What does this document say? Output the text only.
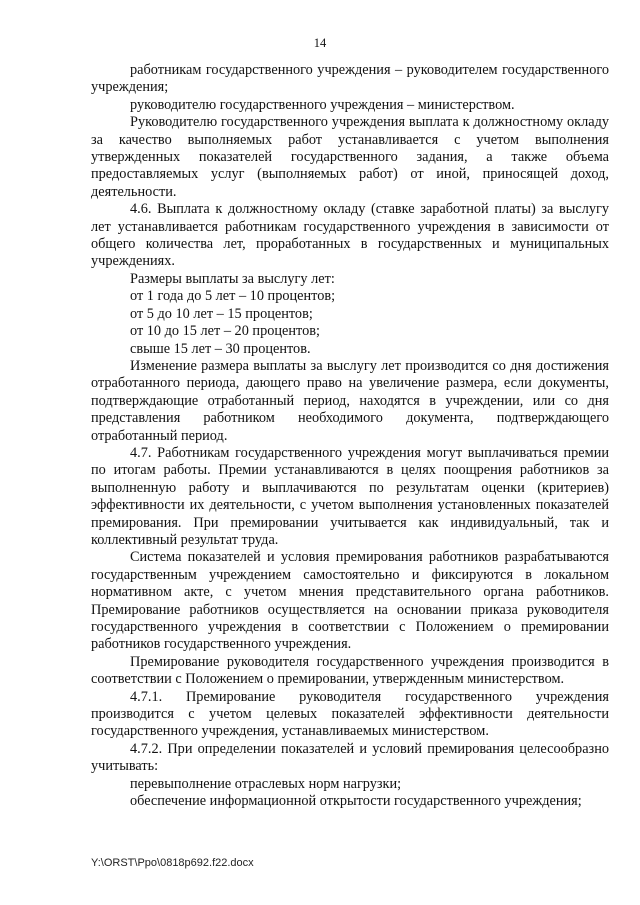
14

работникам государственного учреждения – руководителем государственного учреждения;

руководителю государственного учреждения – министерством.

Руководителю государственного учреждения выплата к должностному окладу за качество выполняемых работ устанавливается с учетом выполнения утвержденных показателей государственного задания, а также объема предоставляемых услуг (выполняемых работ) от иной, приносящей доход, деятельности.

4.6. Выплата к должностному окладу (ставке заработной платы) за выслугу лет устанавливается работникам государственного учреждения в зависимости от общего количества лет, проработанных в государственных и муниципальных учреждениях.

Размеры выплаты за выслугу лет:

от 1 года до 5 лет – 10 процентов;

от 5 до 10 лет – 15 процентов;

от 10 до 15 лет – 20 процентов;

свыше 15 лет – 30 процентов.

Изменение размера выплаты за выслугу лет производится со дня достижения отработанного периода, дающего право на увеличение размера, если документы, подтверждающие отработанный период, находятся в учреждении, или со дня представления работником необходимого документа, подтверждающего отработанный период.

4.7. Работникам государственного учреждения могут выплачиваться премии по итогам работы. Премии устанавливаются в целях поощрения работников за выполненную работу и выплачиваются по результатам оценки (критериев) эффективности их деятельности, с учетом выполнения установленных показателей премирования. При премировании учитывается как индивидуальный, так и коллективный результат труда.

Система показателей и условия премирования работников разрабатываются государственным учреждением самостоятельно и фиксируются в локальном нормативном акте, с учетом мнения представительного органа работников. Премирование работников осуществляется на основании приказа руководителя государственного учреждения в соответствии с Положением о премировании работников государственного учреждения.

Премирование руководителя государственного учреждения производится в соответствии с Положением о премировании, утвержденным министерством.

4.7.1. Премирование руководителя государственного учреждения производится с учетом целевых показателей эффективности деятельности государственного учреждения, устанавливаемых министерством.

4.7.2. При определении показателей и условий премирования целесообразно учитывать:

перевыполнение отраслевых норм нагрузки;

обеспечение информационной открытости государственного учреждения;

Y:\ORST\Ppo\0818p692.f22.docx
